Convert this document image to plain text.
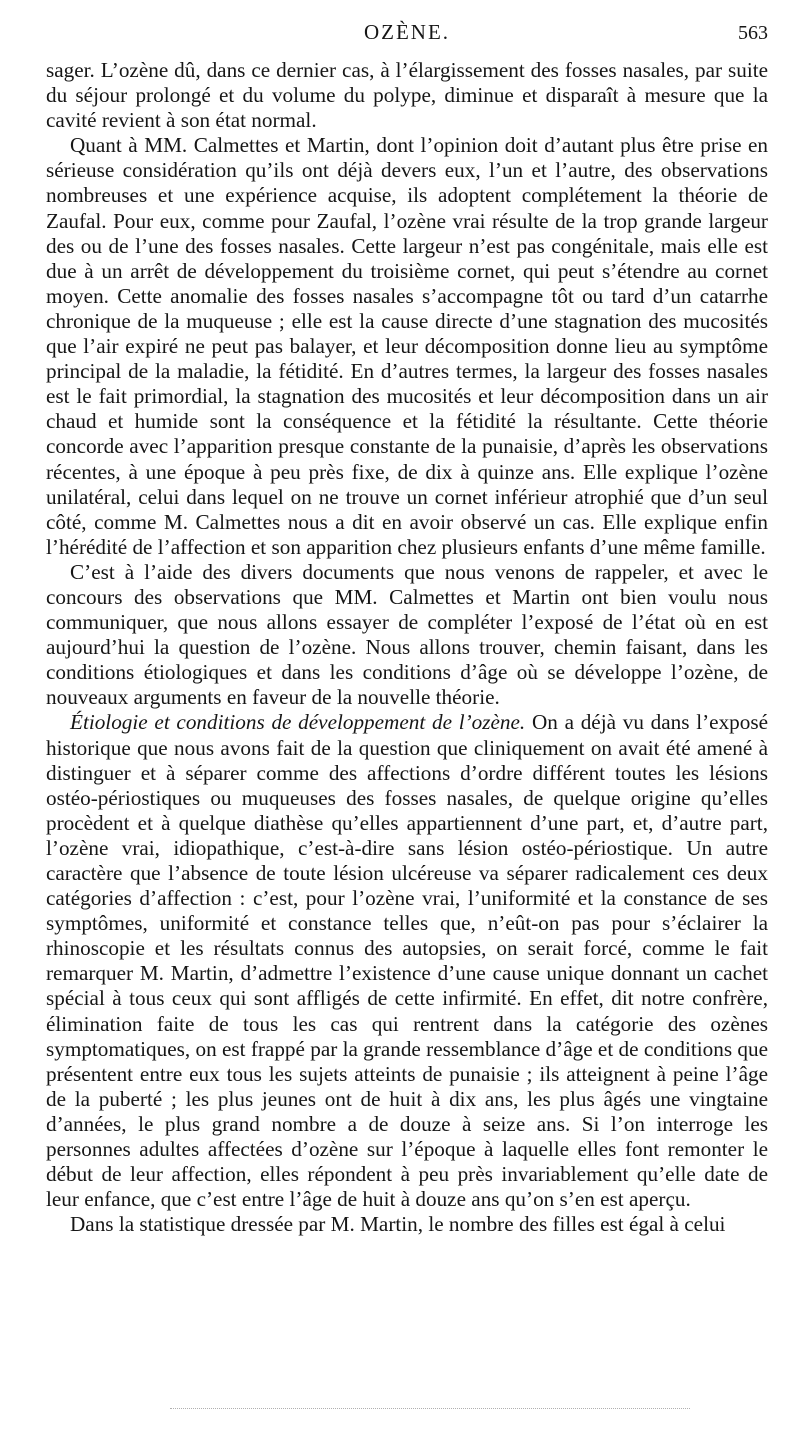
OZÈNE.	563

sager. L’ozène dû, dans ce dernier cas, à l’élargissement des fosses nasales, par suite du séjour prolongé et du volume du polype, diminue et disparaît à mesure que la cavité revient à son état normal.

Quant à MM. Calmettes et Martin, dont l’opinion doit d’autant plus être prise en sérieuse considération qu’ils ont déjà devers eux, l’un et l’autre, des observations nombreuses et une expérience acquise, ils adoptent complétement la théorie de Zaufal. Pour eux, comme pour Zaufal, l’ozène vrai résulte de la trop grande largeur des ou de l’une des fosses nasales. Cette largeur n’est pas congénitale, mais elle est due à un arrêt de développement du troisième cornet, qui peut s’étendre au cornet moyen. Cette anomalie des fosses nasales s’accompagne tôt ou tard d’un catarrhe chronique de la muqueuse ; elle est la cause directe d’une stagnation des mucosités que l’air expiré ne peut pas balayer, et leur décomposition donne lieu au symptôme principal de la maladie, la fétidité. En d’autres termes, la largeur des fosses nasales est le fait primordial, la stagnation des mucosités et leur décomposition dans un air chaud et humide sont la conséquence et la fétidité la résultante. Cette théorie concorde avec l’apparition presque constante de la punaisie, d’après les observations récentes, à une époque à peu près fixe, de dix à quinze ans. Elle explique l’ozène unilatéral, celui dans lequel on ne trouve un cornet inférieur atrophié que d’un seul côté, comme M. Calmettes nous a dit en avoir observé un cas. Elle explique enfin l’hérédité de l’affection et son apparition chez plusieurs enfants d’une même famille.

C’est à l’aide des divers documents que nous venons de rappeler, et avec le concours des observations que MM. Calmettes et Martin ont bien voulu nous communiquer, que nous allons essayer de compléter l’exposé de l’état où en est aujourd’hui la question de l’ozène. Nous allons trouver, chemin faisant, dans les conditions étiologiques et dans les conditions d’âge où se développe l’ozène, de nouveaux arguments en faveur de la nouvelle théorie.

Étiologie et conditions de développement de l’ozène. On a déjà vu dans l’exposé historique que nous avons fait de la question que cliniquement on avait été amené à distinguer et à séparer comme des affections d’ordre différent toutes les lésions ostéo-périostiques ou muqueuses des fosses nasales, de quelque origine qu’elles procèdent et à quelque diathèse qu’elles appartiennent d’une part, et, d’autre part, l’ozène vrai, idiopathique, c’est-à-dire sans lésion ostéo-périostique. Un autre caractère que l’absence de toute lésion ulcéreuse va séparer radicalement ces deux catégories d’affection : c’est, pour l’ozène vrai, l’uniformité et la constance de ses symptômes, uniformité et constance telles que, n’eût-on pas pour s’éclairer la rhinoscopie et les résultats connus des autopsies, on serait forcé, comme le fait remarquer M. Martin, d’admettre l’existence d’une cause unique donnant un cachet spécial à tous ceux qui sont affligés de cette infirmité. En effet, dit notre confrère, élimination faite de tous les cas qui rentrent dans la catégorie des ozènes symptomatiques, on est frappé par la grande ressemblance d’âge et de conditions que présentent entre eux tous les sujets atteints de punaisie ; ils atteignent à peine l’âge de la puberté ; les plus jeunes ont de huit à dix ans, les plus âgés une vingtaine d’années, le plus grand nombre a de douze à seize ans. Si l’on interroge les personnes adultes affectées d’ozène sur l’époque à laquelle elles font remonter le début de leur affection, elles répondent à peu près invariablement qu’elle date de leur enfance, que c’est entre l’âge de huit à douze ans qu’on s’en est aperçu.

Dans la statistique dressée par M. Martin, le nombre des filles est égal à celui
